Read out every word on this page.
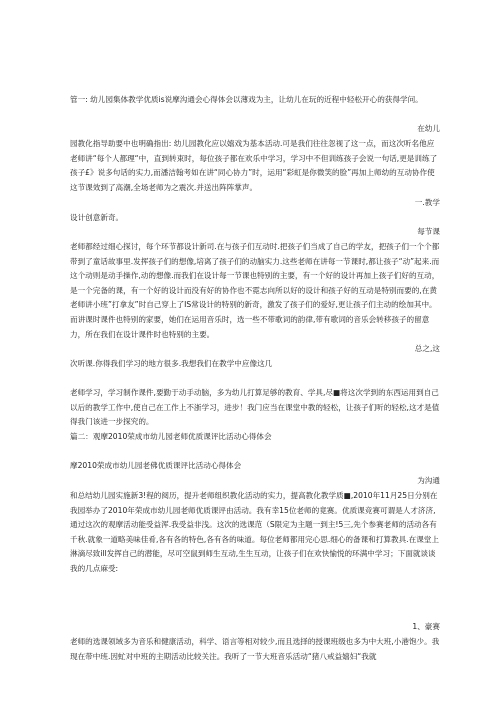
管一: 幼儿园集体教学优质is说摩沟通会心得体会以薄戏为主，让幼儿在玩的近程中轻松开心的获得学问。

在幼儿

园教化指导助要中也明确指出: 幼儿园教化应以嬉戏为基本活动.可是我们往往忽视了这一点，而这次听名他应老师讲“每个人都理“中，直到转束时，每位孩子都在欢乐中学习，学习中不但训练孩子会说一句话,更是训练了孩子£》说多句话的实力,而潘洁翰考如在讲“同心协力”时，运用“彩虹是你微笑的脸”再加上师幼的互动协作使这节课效到了高潮,全场老师为之震次.并送出阵阵掌声。

一.教学

设计创意新奇。

每节课

老师都经过细心探讨，每个环节都设计新司.在与孩子们互动时.把孩子们当成了自己的学友，把孩子们一个个都带到了童话故事里.发挥孩子们的想像,培离了孩子们的动脑实力.这些老师在讲每一节课时,都让孩子“动”起来.而这个动则是动手操作,动的想像.而我们在设计每一节课也特别的主要，有一个好的设计再加上孩子们好的互动，是一个完备的课，有一个好的设计而没有好的协作也不霓志向所以好的设计和孩子好的互动是特别而要的,在黄老师讲小班”打拿友”时自己穿上了IS常设计的特别的新奇，激发了孩子们的爱好,更让孩子们主动的绘加其中。而讲课时课件也特别的家要，她们在运用音乐时，选一些不带歌词的韵律,带有歌词的音乐会转移孩子的留意力，所在我们在设计课件时也特别的主要。

总之,这

次听课.你得我们学习的地方很多.我想我们在教学中应像这几

老师学习，学习制作课件,要勤于动手动脑，多为幼儿打算足够的教育、学具,尽■将这次学到的东西运用到自己以后的教学工作中,使自己在工作上不浙学习，进步！我门应当在课堂中教的轻松，让孩子们听的轻松,这才是值得我门该进一步探究的。

篇二：观摩2010荣成市幼儿园老师优质课评比活动心得体会

摩2010荣成市幼儿园老佛优质课评比活动心得体会

为沟通

和总结幼儿园实施新3!程的阅历，提升老师组织教化活动的实力，提高教化教学质■,2010年11月25日分别在我园举办了2010年荣成市幼儿园老师优质课评由活动。我有幸15位老师的竟赛。优质课竞赛可谓是人才济济,通过这次的观摩活动能受益浑.我受益非浅。这次的选课范（S限定为主题一到主!5三,先个参赛老师的活动各有千秋.就象一道略美味佳肴,各有各的特色,各有各的味道。每位老师都用完心思.细心的备课和打算教具.在课堂上淋滴尽致ill发挥自己的潜能，尽可空鼠到师生互动,生生互动，让孩子们在欢快愉悦的环满中学习；下面就谈谈我的几点麻受:

1、豪赛

老师的选课领域多为音乐和健康活动，科学、语言等相对较少,而且选择的授课班级也多为中大班,小港饱少。我现在带中班.因虻对中班的主期活动比较关注。我听了一节大班音乐活动“猪八戒益嬉妇“我就
